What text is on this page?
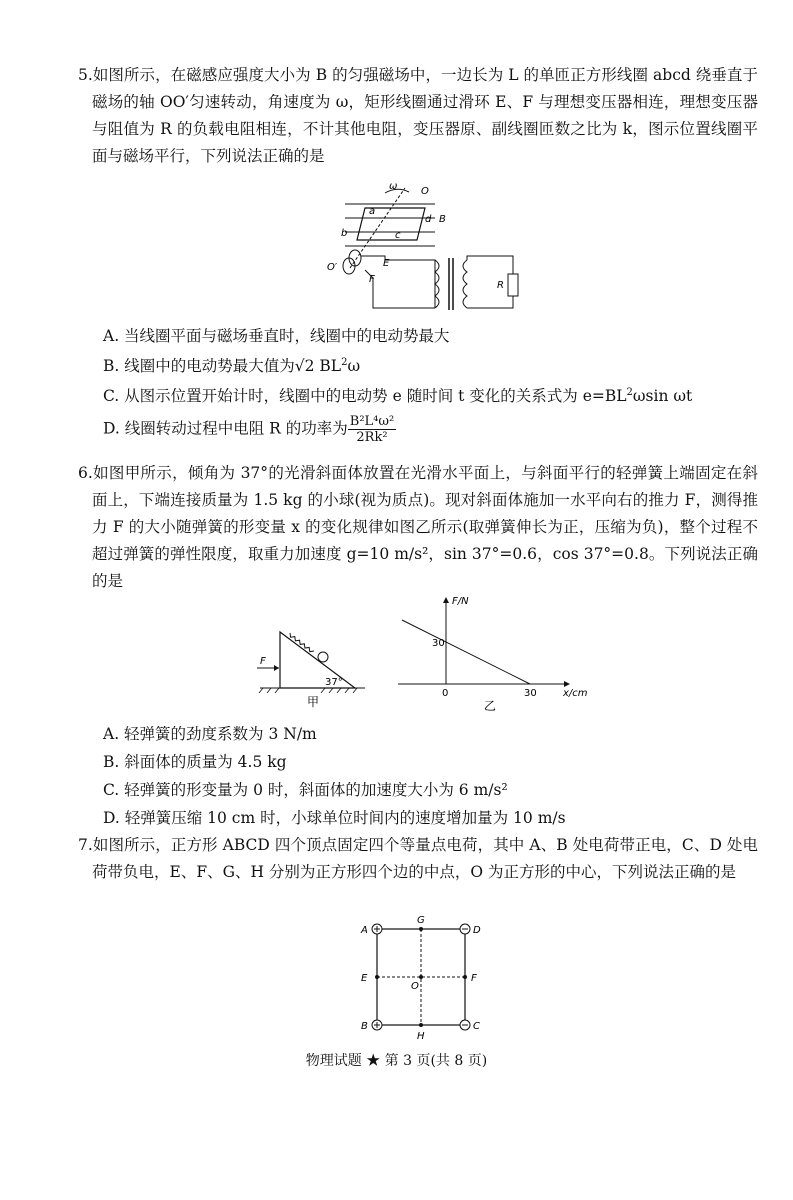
5.如图所示，在磁感应强度大小为 B 的匀强磁场中，一边长为 L 的单匝正方形线圈 abcd 绕垂直于磁场的轴 OO′匀速转动，角速度为 ω，矩形线圈通过滑环 E、F 与理想变压器相连，理想变压器与阻值为 R 的负载电阻相连，不计其他电阻，变压器原、副线圈匝数之比为 k，图示位置线圈平面与磁场平行，下列说法正确的是

ω O
a
d B
b	c
E
O′
F
R
A. 当线圈平面与磁场垂直时，线圈中的电动势最大
B. 线圈中的电动势最大值为√2 $BL^2\omega$
C. 从图示位置开始计时，线圈中的电动势 e 随时间 t 变化的关系式为 $e=BL^2\omega\sin$ ωt
D. 线圈转动过程中电阻 R 的功率为 $\frac{\text{B²L⁴ω²}}{\text{2Rk²}}$

6.如图甲所示，倾角为 37°的光滑斜面体放置在光滑水平面上，与斜面平行的轻弹簧上端固定在斜面上，下端连接质量为 1.5 kg 的小球(视为质点)。现对斜面体施加一水平向右的推力 F，测得推力 F 的大小随弹簧的形变量 x 的变化规律如图乙所示(取弹簧伸长为正，压缩为负)，整个过程不超过弹簧的弹性限度，取重力加速度 g=10 m/s²，sin 37°=0.6，cos 37°=0.8。下列说法正确的是

F
37°
甲
F/N
x/cm
30
0	30
乙
A. 轻弹簧的劲度系数为 3 N/m
B. 斜面体的质量为 4.5 kg
C. 轻弹簧的形变量为 0 时，斜面体的加速度大小为 6 m/s²
D. 轻弹簧压缩 10 cm 时，小球单位时间内的速度增加量为 10 m/s

7.如图所示，正方形 ABCD 四个顶点固定四个等量点电荷，其中 A、B 处电荷带正电，C、D 处电荷带负电，E、F、G、H 分别为正方形四个边的中点，O 为正方形的中心，下列说法正确的是

A
B
D
C
G
H
E	F
O
物理试题 ★ 第 3 页(共 8 页)
